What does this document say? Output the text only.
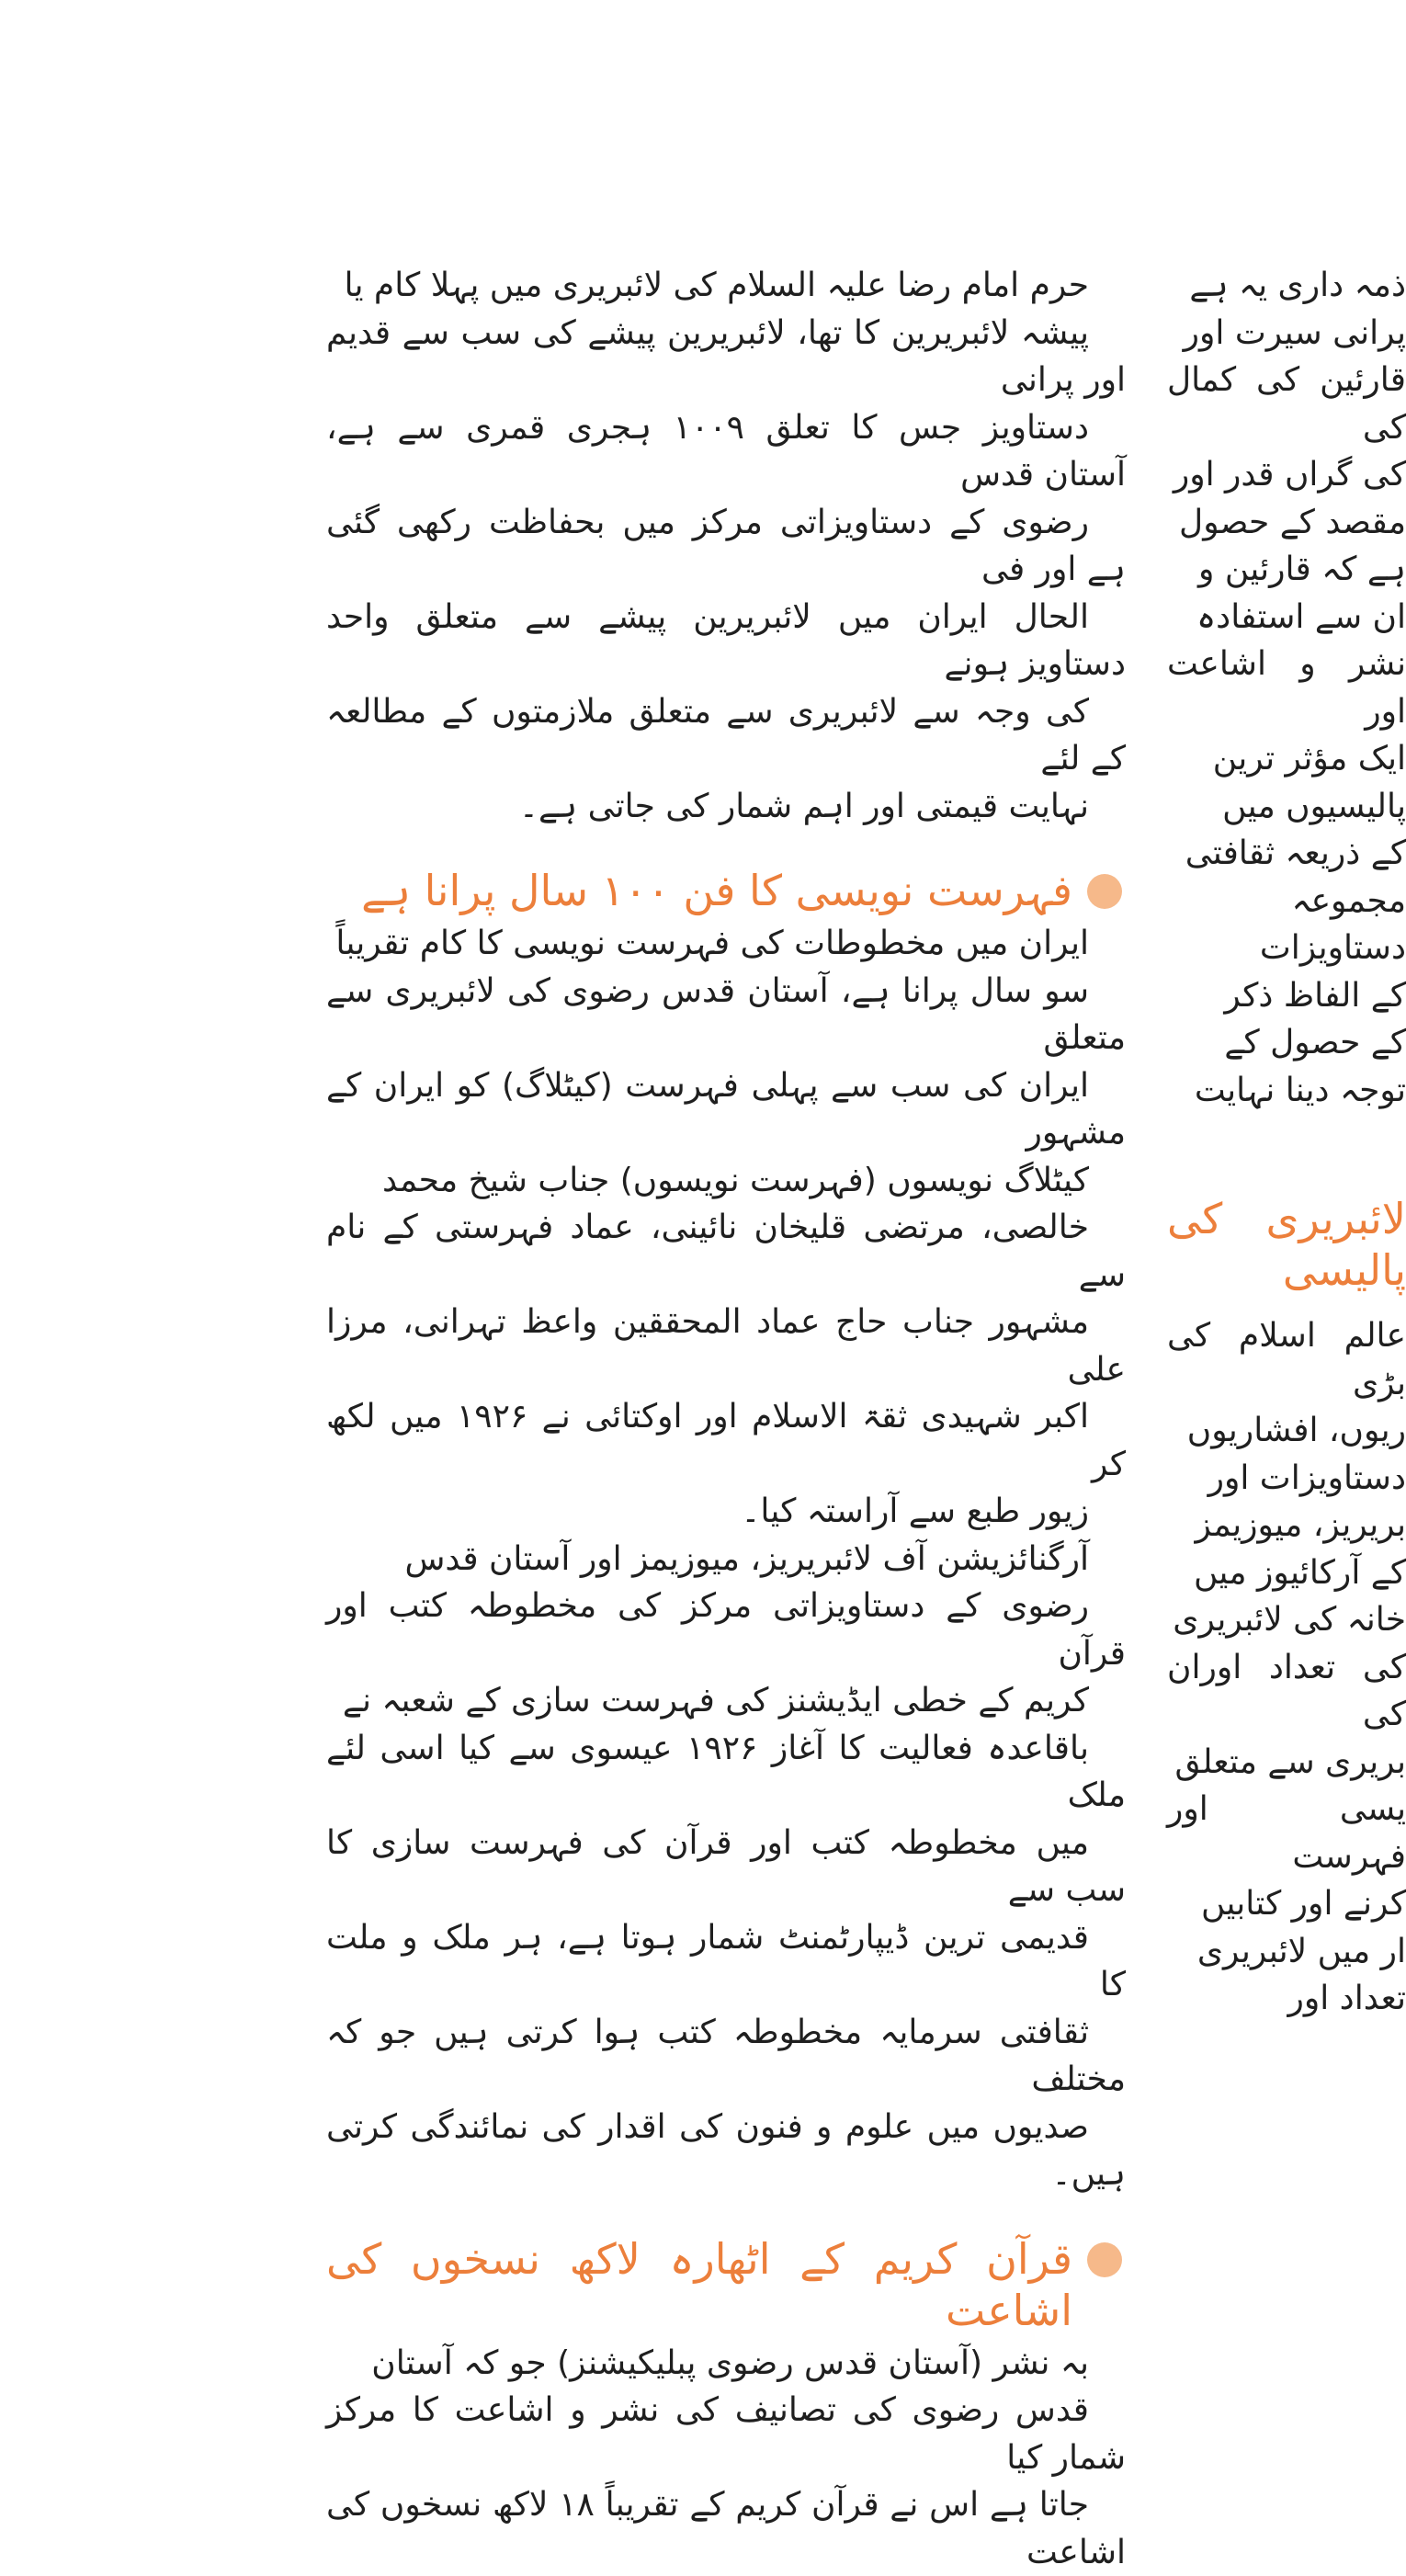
حرم امام رضا علیہ السلام کی لائبریری میں پہلا کام یا
پیشہ لائبریرین کا تھا، لائبریرین پیشے کی سب سے قدیم اور پرانی
دستاویز جس کا تعلق ۱۰۰۹ ہجری قمری سے ہے، آستان قدس
رضوی کے دستاویزاتی مرکز میں بحفاظت رکھی گئی ہے اور فی
الحال ایران میں لائبریرین پیشے سے متعلق واحد دستاویز ہونے
کی وجہ سے لائبریری سے متعلق ملازمتوں کے مطالعہ کے لئے
نہایت قیمتی اور اہم شمار کی جاتی ہے۔
فہرست نویسی کا فن ۱۰۰ سال پرانا ہے
ایران میں مخطوطات کی فہرست نویسی کا کام تقریباً
سو سال پرانا ہے، آستان قدس رضوی کی لائبریری سے متعلق
ایران کی سب سے پہلی فہرست (کیٹلاگ) کو ایران کے مشہور
کیٹلاگ نویسوں (فہرست نویسوں) جناب شیخ محمد
خالصی، مرتضی قلیخان نائینی، عماد فہرستی کے نام سے
مشہور جناب حاج عماد المحققین واعظ تہرانی، مرزا علی
اکبر شہیدی ثقۃ الاسلام اور اوکتائی نے ۱۹۲۶ میں لکھ کر
زیور طبع سے آراستہ کیا۔
آرگنائزیشن آف لائبریریز، میوزیمز اور آستان قدس
رضوی کے دستاویزاتی مرکز کی مخطوطہ کتب اور قرآن
کریم کے خطی ایڈیشنز کی فہرست سازی کے شعبہ نے
باقاعدہ فعالیت کا آغاز ۱۹۲۶ عیسوی سے کیا اسی لئے ملک
میں مخطوطہ کتب اور قرآن کی فہرست سازی کا سب سے
قدیمی ترین ڈیپارٹمنٹ شمار ہوتا ہے، ہر ملک و ملت کا
ثقافتی سرمایہ مخطوطہ کتب ہوا کرتی ہیں جو کہ مختلف
صدیوں میں علوم و فنون کی اقدار کی نمائندگی کرتی ہیں۔
قرآن کریم کے اٹھارہ لاکھ نسخوں کی اشاعت
بہ نشر (آستان قدس رضوی پبلیکیشنز) جو کہ آستان
قدس رضوی کی تصانیف کی نشر و اشاعت کا مرکز شمار کیا
جاتا ہے اس نے قرآن کریم کے تقریباً ۱۸ لاکھ نسخوں کی اشاعت
ذمہ داری یہ ہے
پرانی سیرت اور
قارئین کی کمال کی
کی گراں قدر اور
مقصد کے حصول
ہے کہ قارئین و
ان سے استفادہ
نشر و اشاعت اور
ایک مؤثر ترین
پالیسیوں میں
کے ذریعہ ثقافتی
مجموعہ دستاویزات
کے الفاظ ذکر
کے حصول کے
توجہ دینا نہایت
لائبریری کی پالیسی
عالم اسلام کی بڑی
ریوں، افشاریوں
دستاویزات اور
بریریز، میوزیمز
کے آرکائیوز میں
خانہ کی لائبریری
کی تعداد اوران کی
بریری سے متعلق
یسی اور فہرست
کرنے اور کتابیں
ار میں لائبریری
تعداد اور
